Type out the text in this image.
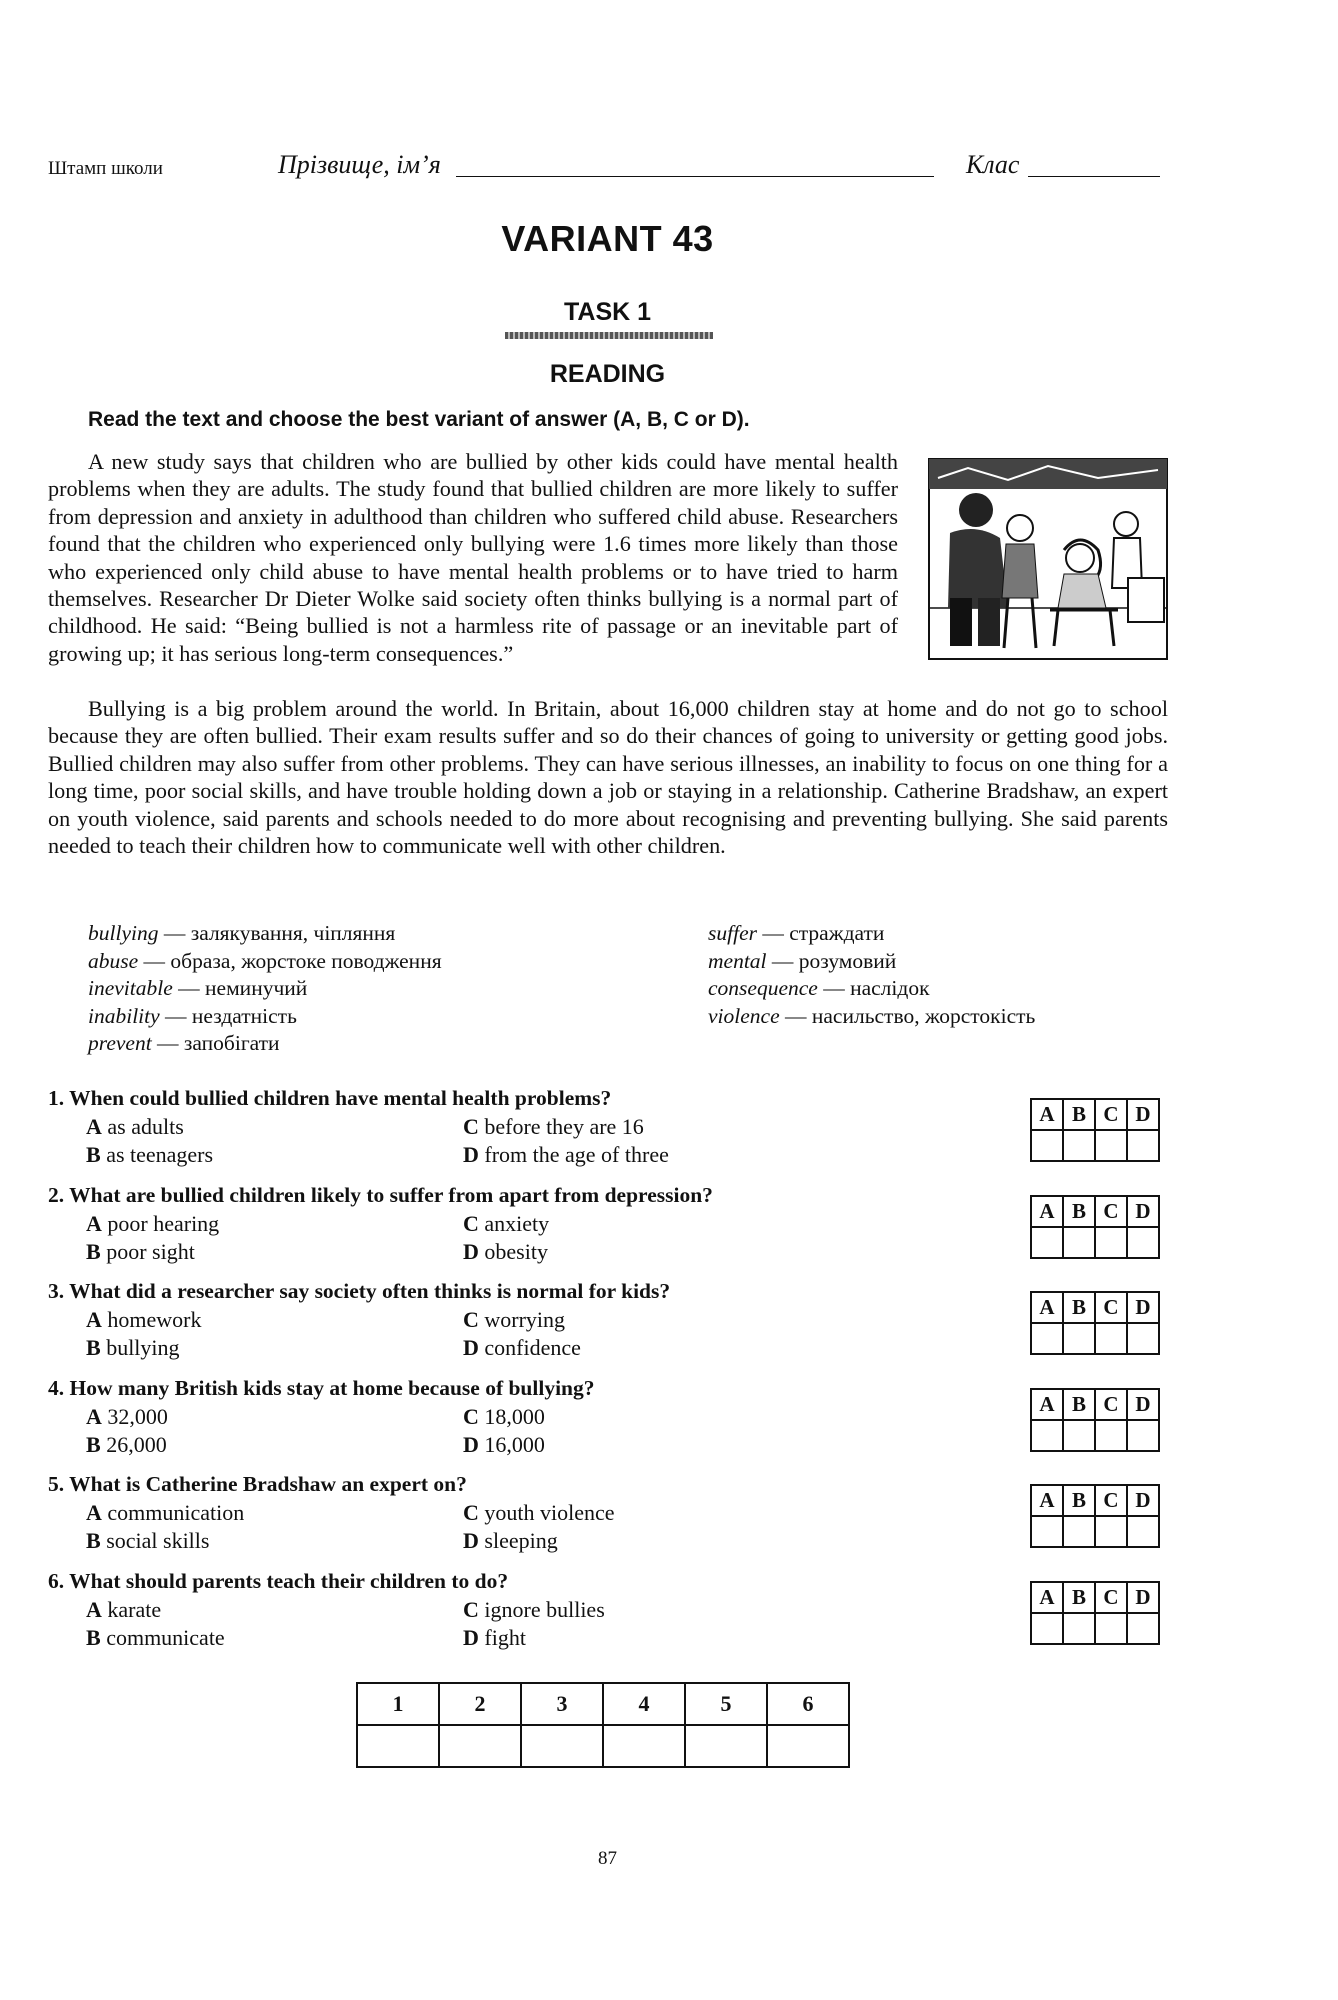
Штамп школи	Прізвище, ім’я	Клас
VARIANT 43
TASK 1
READING
Read the text and choose the best variant of answer (A, B, C or D).

A new study says that children who are bullied by other kids could have mental health problems when they are adults. The study found that bullied children are more likely to suffer from depression and anxiety in adulthood than children who suffered child abuse. Researchers found that the children who experienced only bullying were 1.6 times more likely than those who experienced only child abuse to have mental health problems or to have tried to harm themselves. Researcher Dr Dieter Wolke said society often thinks bullying is a normal part of childhood. He said: “Being bullied is not a harmless rite of passage or an inevitable part of growing up; it has serious long-term consequences.”

Bullying is a big problem around the world. In Britain, about 16,000 children stay at home and do not go to school because they are often bullied. Their exam results suffer and so do their chances of going to university or getting good jobs. Bullied children may also suffer from other problems. They can have serious illnesses, an inability to focus on one thing for a long time, poor social skills, and have trouble holding down a job or staying in a relationship. Catherine Bradshaw, an expert on youth violence, said parents and schools needed to do more about recognising and preventing bullying. She said parents needed to teach their children how to communicate well with other children.

bullying — залякування, чіпляння
abuse — образа, жорстоке поводження
inevitable — неминучий
inability — нездатність
prevent — запобігати
suffer — страждати
mental — розумовий
consequence — наслідок
violence — насильство, жорстокість
1. When could bullied children have mental health problems?
A as adults
B as teenagers
C before they are 16
D from the age of three
A	B	C	D

2. What are bullied children likely to suffer from apart from depression?
A poor hearing
B poor sight
C anxiety
D obesity
A	B	C	D

3. What did a researcher say society often thinks is normal for kids?
A homework
B bullying
C worrying
D confidence
A	B	C	D

4. How many British kids stay at home because of bullying?
A 32,000
B 26,000
C 18,000
D 16,000
A	B	C	D

5. What is Catherine Bradshaw an expert on?
A communication
B social skills
C youth violence
D sleeping
A	B	C	D

6. What should parents teach their children to do?
A karate
B communicate
C ignore bullies
D fight
A	B	C	D

1	2	3	4	5	6

87
